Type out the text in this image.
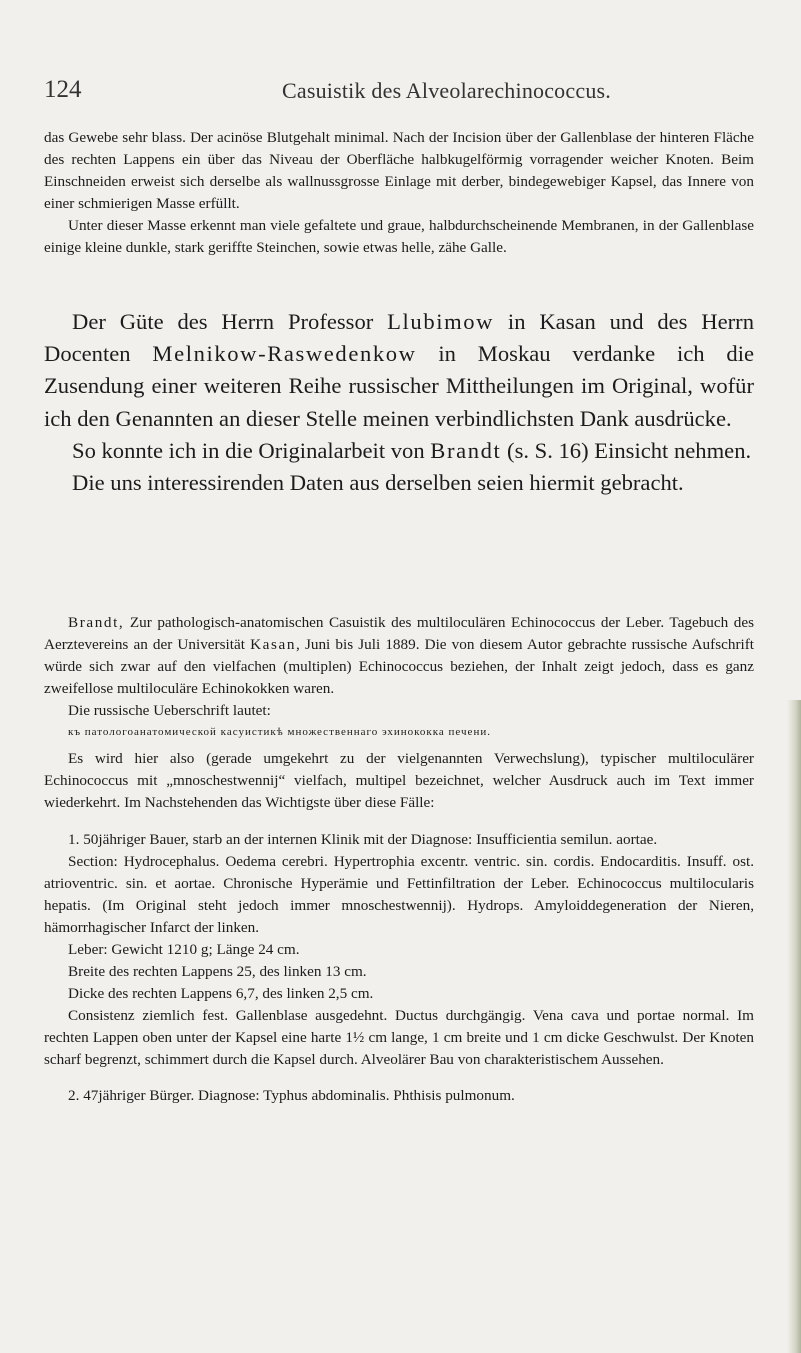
124	Casuistik des Alveolarechinococcus.

das Gewebe sehr blass. Der acinöse Blutgehalt minimal. Nach der Incision über der Gallenblase der hinteren Fläche des rechten Lappens ein über das Niveau der Oberfläche halbkugelförmig vorragender weicher Knoten. Beim Einschneiden erweist sich derselbe als wallnussgrosse Einlage mit derber, bindegewebiger Kapsel, das Innere von einer schmierigen Masse erfüllt.

Unter dieser Masse erkennt man viele gefaltete und graue, halbdurchscheinende Membranen, in der Gallenblase einige kleine dunkle, stark geriffte Steinchen, sowie etwas helle, zähe Galle.

Der Güte des Herrn Professor Llubimow in Kasan und des Herrn Docenten Melnikow-Raswedenkow in Moskau verdanke ich die Zusendung einer weiteren Reihe russischer Mittheilungen im Original, wofür ich den Genannten an dieser Stelle meinen verbindlichsten Dank ausdrücke.

So konnte ich in die Originalarbeit von Brandt (s. S. 16) Einsicht nehmen.

Die uns interessirenden Daten aus derselben seien hiermit gebracht.

Brandt, Zur pathologisch-anatomischen Casuistik des multiloculären Echinococcus der Leber. Tagebuch des Aerztevereins an der Universität Kasan, Juni bis Juli 1889. Die von diesem Autor gebrachte russische Aufschrift würde sich zwar auf den vielfachen (multiplen) Echinococcus beziehen, der Inhalt zeigt jedoch, dass es ganz zweifellose multiloculäre Echinokokken waren.

Die russische Ueberschrift lautet:

къ патологоанатомической касуистикѣ множественнаго эхинококка печени.

Es wird hier also (gerade umgekehrt zu der vielgenannten Verwechslung), typischer multiloculärer Echinococcus mit „mnoschestwennij“ vielfach, multipel bezeichnet, welcher Ausdruck auch im Text immer wiederkehrt. Im Nachstehenden das Wichtigste über diese Fälle:

1. 50jähriger Bauer, starb an der internen Klinik mit der Diagnose: Insufficientia semilun. aortae.

Section: Hydrocephalus. Oedema cerebri. Hypertrophia excentr. ventric. sin. cordis. Endocarditis. Insuff. ost. atrioventric. sin. et aortae. Chronische Hyperämie und Fettinfiltration der Leber. Echinococcus multilocularis hepatis. (Im Original steht jedoch immer mnoschestwennij). Hydrops. Amyloiddegeneration der Nieren, hämorrhagischer Infarct der linken.

Leber: Gewicht 1210 g; Länge 24 cm.

Breite des rechten Lappens 25, des linken 13 cm.

Dicke des rechten Lappens 6,7, des linken 2,5 cm.

Consistenz ziemlich fest. Gallenblase ausgedehnt. Ductus durchgängig. Vena cava und portae normal. Im rechten Lappen oben unter der Kapsel eine harte 1½ cm lange, 1 cm breite und 1 cm dicke Geschwulst. Der Knoten scharf begrenzt, schimmert durch die Kapsel durch. Alveolärer Bau von charakteristischem Aussehen.

2. 47jähriger Bürger. Diagnose: Typhus abdominalis. Phthisis pulmonum.
